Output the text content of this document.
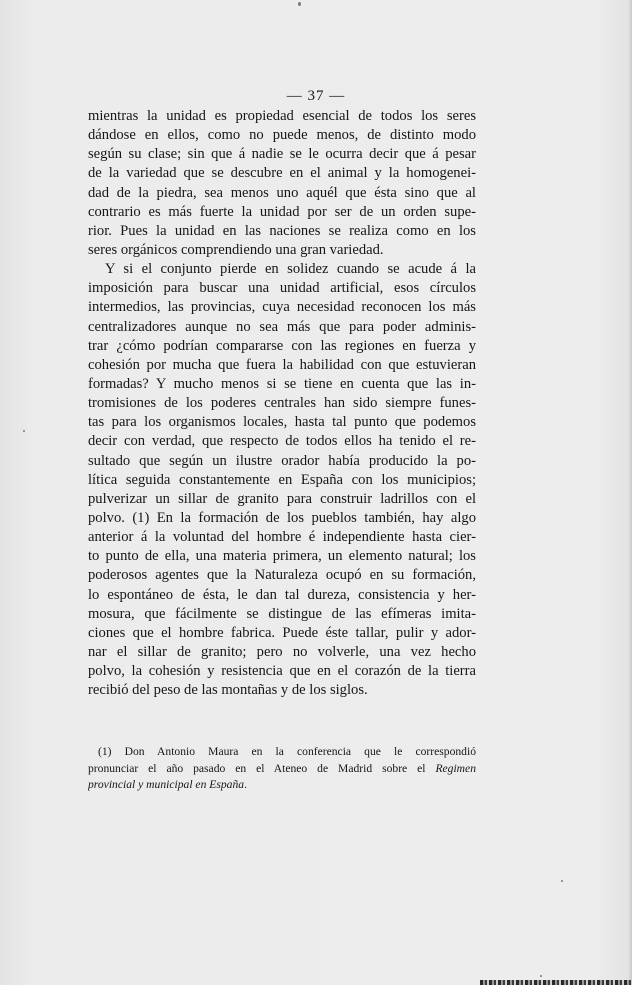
— 37 —
mientras la unidad es propiedad esencial de todos los seres
dándose en ellos, como no puede menos, de distinto modo
según su clase; sin que á nadie se le ocurra decir que á pesar
de la variedad que se descubre en el animal y la homogenei-
dad de la piedra, sea menos uno aquél que ésta sino que al
contrario es más fuerte la unidad por ser de un orden supe-
rior. Pues la unidad en las naciones se realiza como en los
seres orgánicos comprendiendo una gran variedad.
Y si el conjunto pierde en solidez cuando se acude á la
imposición para buscar una unidad artificial, esos círculos
intermedios, las provincias, cuya necesidad reconocen los más
centralizadores aunque no sea más que para poder adminis-
trar ¿cómo podrían compararse con las regiones en fuerza y
cohesión por mucha que fuera la habilidad con que estuvieran
formadas? Y mucho menos si se tiene en cuenta que las in-
tromisiones de los poderes centrales han sido siempre funes-
tas para los organismos locales, hasta tal punto que podemos
decir con verdad, que respecto de todos ellos ha tenido el re-
sultado que según un ilustre orador había producido la po-
lítica seguida constantemente en España con los municipios;
pulverizar un sillar de granito para construir ladrillos con el
polvo. (1) En la formación de los pueblos también, hay algo
anterior á la voluntad del hombre é independiente hasta cier-
to punto de ella, una materia primera, un elemento natural; los
poderosos agentes que la Naturaleza ocupó en su formación,
lo espontáneo de ésta, le dan tal dureza, consistencia y her-
mosura, que fácilmente se distingue de las efímeras imita-
ciones que el hombre fabrica. Puede éste tallar, pulir y ador-
nar el sillar de granito; pero no volverle, una vez hecho
polvo, la cohesión y resistencia que en el corazón de la tierra
recibió del peso de las montañas y de los siglos.
(1) Don Antonio Maura en la conferencia que le correspondió
pronunciar el año pasado en el Ateneo de Madrid sobre el Regimen
provincial y municipal en España.
